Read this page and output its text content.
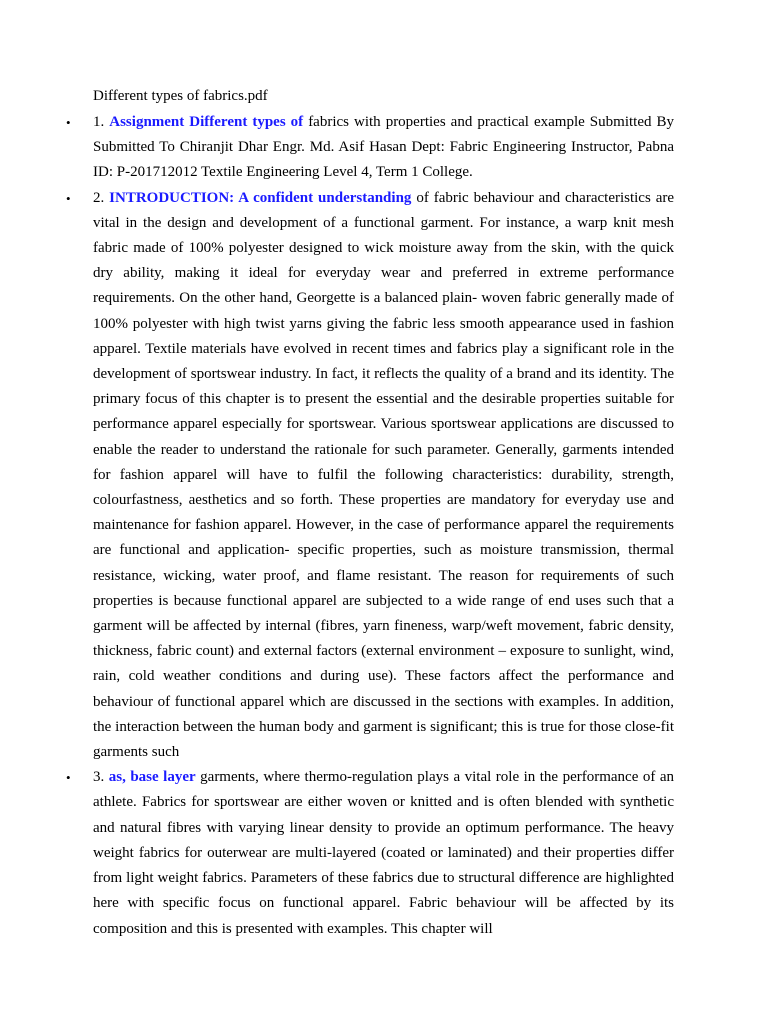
Different types of fabrics.pdf
• 1. Assignment Different types of fabrics with properties and practical example Submitted By Submitted To Chiranjit Dhar Engr. Md. Asif Hasan Dept: Fabric Engineering Instructor, Pabna ID: P-201712012 Textile Engineering Level 4, Term 1 College.
• 2. INTRODUCTION: A confident understanding of fabric behaviour and characteristics are vital in the design and development of a functional garment. For instance, a warp knit mesh fabric made of 100% polyester designed to wick moisture away from the skin, with the quick dry ability, making it ideal for everyday wear and preferred in extreme performance requirements. On the other hand, Georgette is a balanced plain- woven fabric generally made of 100% polyester with high twist yarns giving the fabric less smooth appearance used in fashion apparel. Textile materials have evolved in recent times and fabrics play a significant role in the development of sportswear industry. In fact, it reflects the quality of a brand and its identity. The primary focus of this chapter is to present the essential and the desirable properties suitable for performance apparel especially for sportswear. Various sportswear applications are discussed to enable the reader to understand the rationale for such parameter. Generally, garments intended for fashion apparel will have to fulfil the following characteristics: durability, strength, colourfastness, aesthetics and so forth. These properties are mandatory for everyday use and maintenance for fashion apparel. However, in the case of performance apparel the requirements are functional and application- specific properties, such as moisture transmission, thermal resistance, wicking, water proof, and flame resistant. The reason for requirements of such properties is because functional apparel are subjected to a wide range of end uses such that a garment will be affected by internal (fibres, yarn fineness, warp/weft movement, fabric density, thickness, fabric count) and external factors (external environment – exposure to sunlight, wind, rain, cold weather conditions and during use). These factors affect the performance and behaviour of functional apparel which are discussed in the sections with examples. In addition, the interaction between the human body and garment is significant; this is true for those close-fit garments such
• 3. as, base layer garments, where thermo-regulation plays a vital role in the performance of an athlete. Fabrics for sportswear are either woven or knitted and is often blended with synthetic and natural fibres with varying linear density to provide an optimum performance. The heavy weight fabrics for outerwear are multi-layered (coated or laminated) and their properties differ from light weight fabrics. Parameters of these fabrics due to structural difference are highlighted here with specific focus on functional apparel. Fabric behaviour will be affected by its composition and this is presented with examples. This chapter will
